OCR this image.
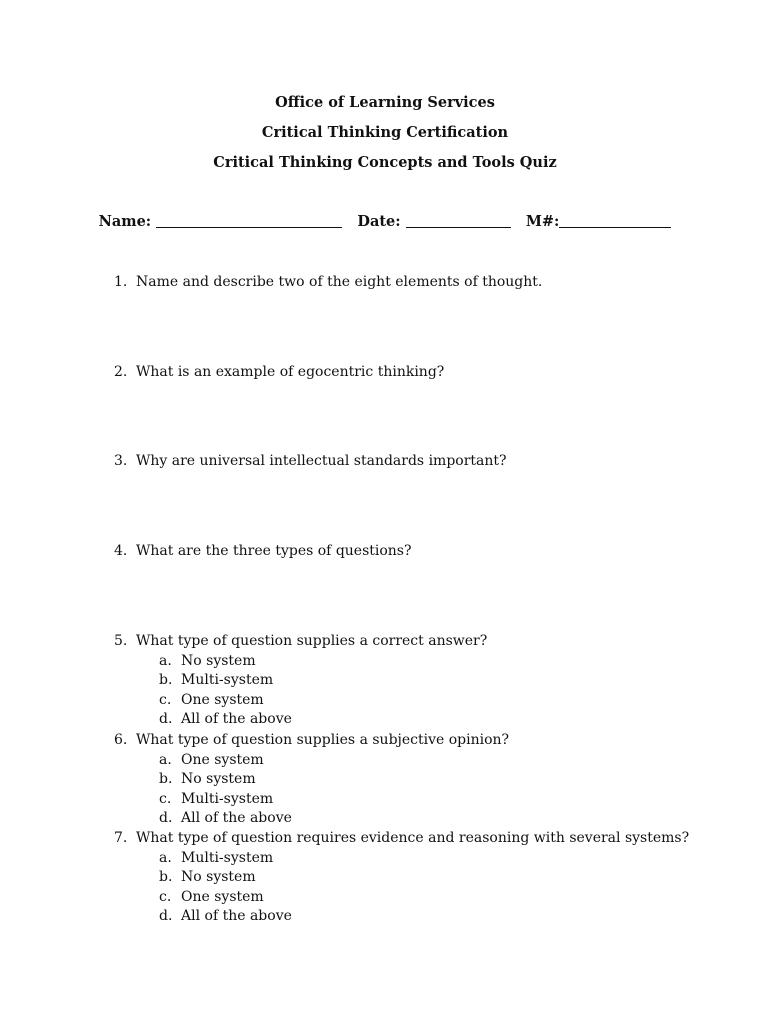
Office of Learning Services
Critical Thinking Certification
Critical Thinking Concepts and Tools Quiz
Name:	Date:	M#:
1. Name and describe two of the eight elements of thought.
2. What is an example of egocentric thinking?
3. Why are universal intellectual standards important?
4. What are the three types of questions?
5. What type of question supplies a correct answer?
a. No system
b. Multi-system
c. One system
d. All of the above
6. What type of question supplies a subjective opinion?
a. One system
b. No system
c. Multi-system
d. All of the above
7. What type of question requires evidence and reasoning with several systems?
a. Multi-system
b. No system
c. One system
d. All of the above
